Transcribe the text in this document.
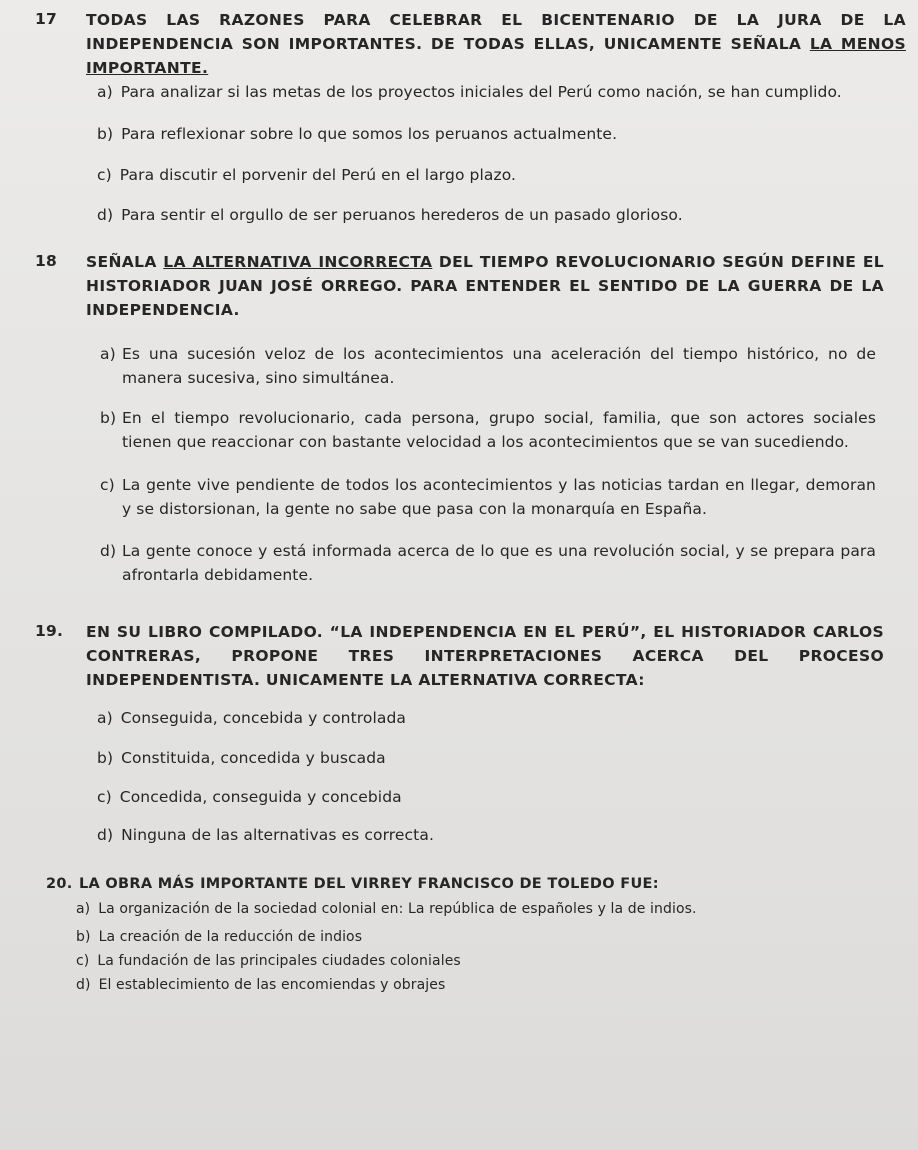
17 TODAS LAS RAZONES PARA CELEBRAR EL BICENTENARIO DE LA JURA DE LA INDEPENDENCIA SON IMPORTANTES. DE TODAS ELLAS, UNICAMENTE SEÑALA LA MENOS IMPORTANTE.
a) Para analizar si las metas de los proyectos iniciales del Perú como nación, se han cumplido.
b) Para reflexionar sobre lo que somos los peruanos actualmente.
c) Para discutir el porvenir del Perú en el largo plazo.
d) Para sentir el orgullo de ser peruanos herederos de un pasado glorioso.
18 SEÑALA LA ALTERNATIVA INCORRECTA DEL TIEMPO REVOLUCIONARIO SEGÚN DEFINE EL HISTORIADOR JUAN JOSÉ ORREGO. PARA ENTENDER EL SENTIDO DE LA GUERRA DE LA INDEPENDENCIA.
a) Es una sucesión veloz de los acontecimientos una aceleración del tiempo histórico, no de manera sucesiva, sino simultánea.
b) En el tiempo revolucionario, cada persona, grupo social, familia, que son actores sociales tienen que reaccionar con bastante velocidad a los acontecimientos que se van sucediendo.
c) La gente vive pendiente de todos los acontecimientos y las noticias tardan en llegar, demoran y se distorsionan, la gente no sabe que pasa con la monarquía en España.
d) La gente conoce y está informada acerca de lo que es una revolución social, y se prepara para afrontarla debidamente.
19. EN SU LIBRO COMPILADO. “LA INDEPENDENCIA EN EL PERÚ”, EL HISTORIADOR CARLOS CONTRERAS, PROPONE TRES INTERPRETACIONES ACERCA DEL PROCESO INDEPENDENTISTA. UNICAMENTE LA ALTERNATIVA CORRECTA:
a) Conseguida, concebida y controlada
b) Constituida, concedida y buscada
c) Concedida, conseguida y concebida
d) Ninguna de las alternativas es correcta.
20. LA OBRA MÁS IMPORTANTE DEL VIRREY FRANCISCO DE TOLEDO FUE:
a) La organización de la sociedad colonial en: La república de españoles y la de indios.
b) La creación de la reducción de indios
c) La fundación de las principales ciudades coloniales
d) El establecimiento de las encomiendas y obrajes
